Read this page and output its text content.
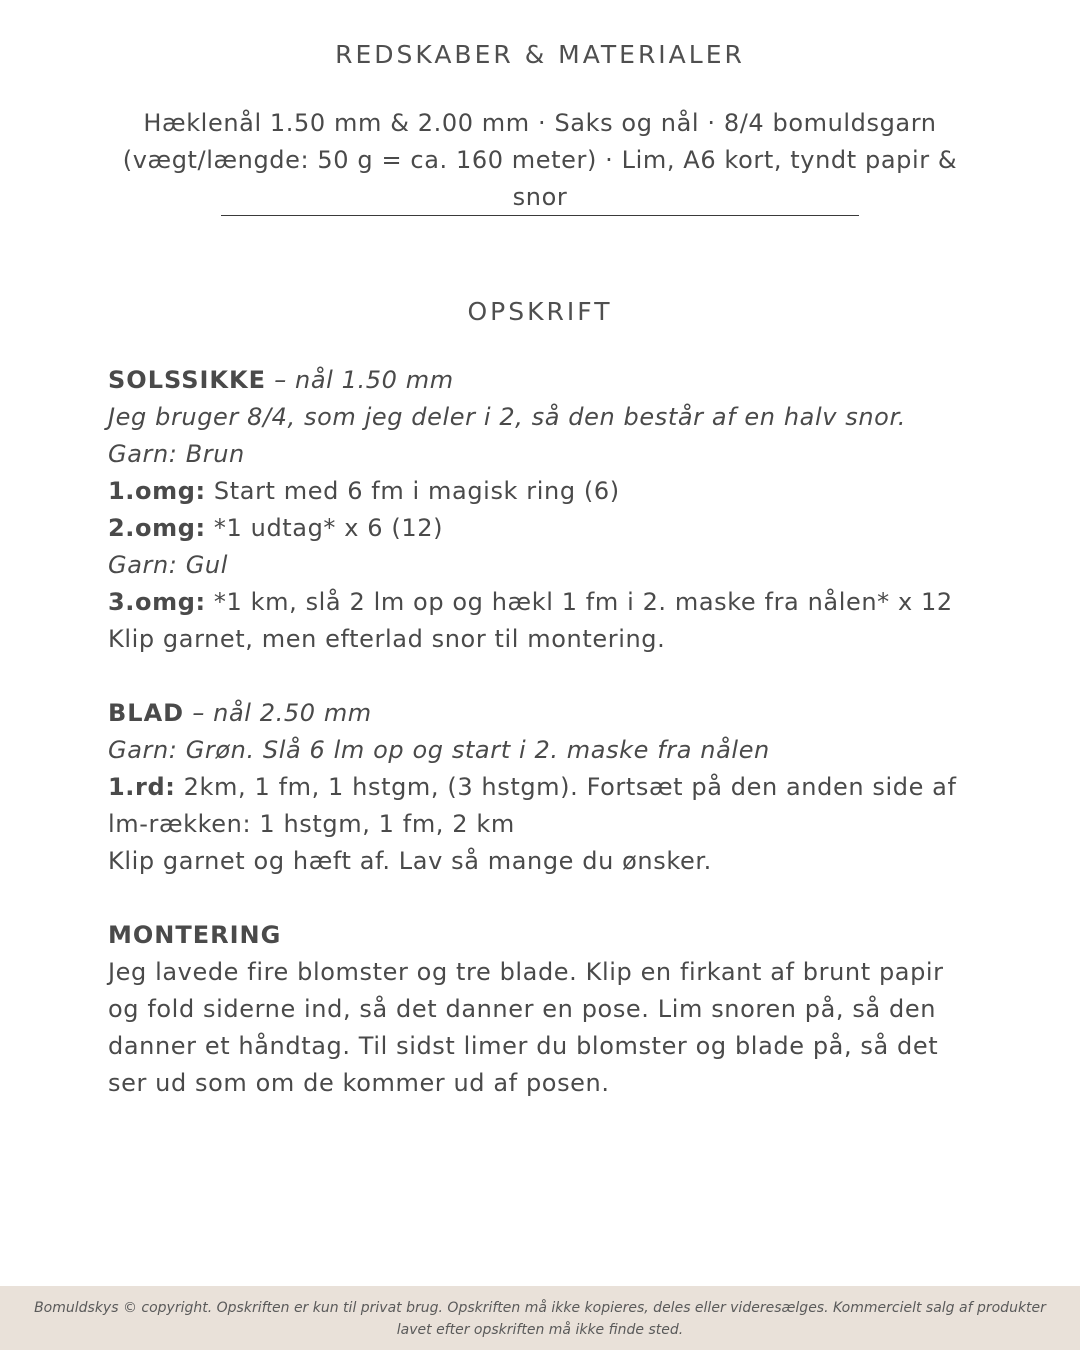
REDSKABER & MATERIALER

Hæklenål 1.50 mm & 2.00 mm · Saks og nål · 8/4 bomuldsgarn (vægt/længde: 50 g = ca. 160 meter) · Lim, A6 kort, tyndt papir & snor

OPSKRIFT
SOLSSIKKE – nål 1.50 mm
Jeg bruger 8/4, som jeg deler i 2, så den består af en halv snor.
Garn: Brun
1.omg: Start med 6 fm i magisk ring (6)
2.omg: *1 udtag* x 6 (12)
Garn: Gul
3.omg: *1 km, slå 2 lm op og hækl 1 fm i 2. maske fra nålen* x 12
Klip garnet, men efterlad snor til montering.
BLAD – nål 2.50 mm
Garn: Grøn. Slå 6 lm op og start i 2. maske fra nålen
1.rd: 2km, 1 fm, 1 hstgm, (3 hstgm). Fortsæt på den anden side af lm-rækken: 1 hstgm, 1 fm, 2 km
Klip garnet og hæft af. Lav så mange du ønsker.
MONTERING
Jeg lavede fire blomster og tre blade. Klip en firkant af brunt papir og fold siderne ind, så det danner en pose. Lim snoren på, så den danner et håndtag. Til sidst limer du blomster og blade på, så det ser ud som om de kommer ud af posen.

Bomuldskys © copyright. Opskriften er kun til privat brug. Opskriften må ikke kopieres, deles eller videresælges. Kommercielt salg af produkter lavet efter opskriften må ikke finde sted.
